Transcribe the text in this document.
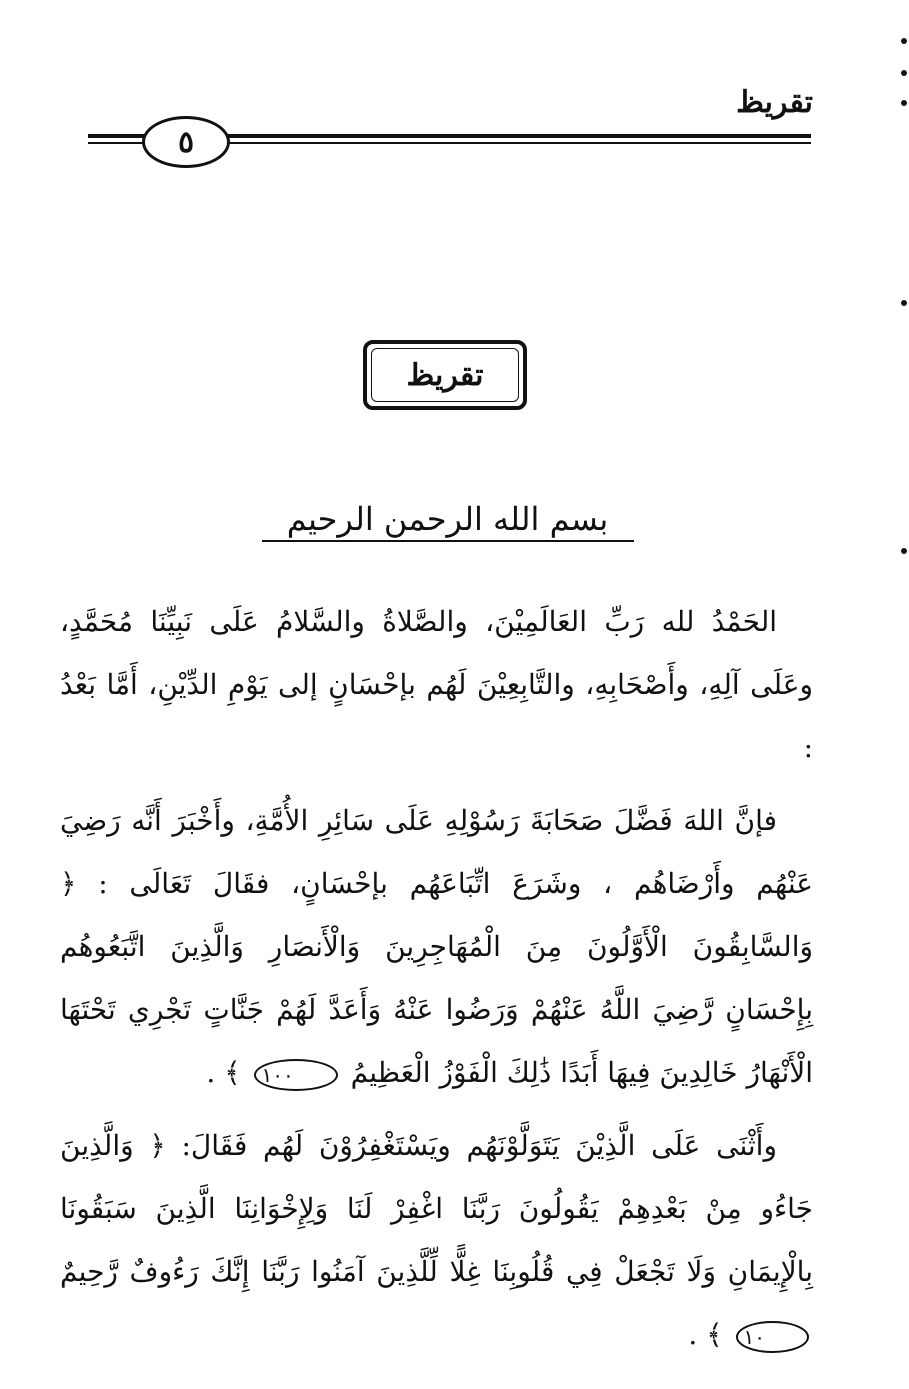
تقريظ
٥
تقريظ
بسم الله الرحمن الرحيم

الحَمْدُ لله رَبِّ العَالَمِيْنَ، والصَّلاةُ والسَّلامُ عَلَى نَبِيِّنَا مُحَمَّدٍ، وعَلَى آلِهِ، وأَصْحَابِهِ، والتَّابِعِيْنَ لَهُم بإحْسَانٍ إلى يَوْمِ الدِّيْنِ، أَمَّا بَعْدُ :

فإنَّ اللهَ فَضَّلَ صَحَابَةَ رَسُوْلِهِ عَلَى سَائِرِ الأُمَّةِ، وأَخْبَرَ أَنَّه رَضِيَ عَنْهُم وأَرْضَاهُم ، وشَرَعَ اتِّبَاعَهُم بإحْسَانٍ، فقَالَ تَعَالَى : ﴿ وَالسَّابِقُونَ الْأَوَّلُونَ مِنَ الْمُهَاجِرِينَ وَالْأَنصَارِ وَالَّذِينَ اتَّبَعُوهُم بِإِحْسَانٍ رَّضِيَ اللَّهُ عَنْهُمْ وَرَضُوا عَنْهُ وَأَعَدَّ لَهُمْ جَنَّاتٍ تَجْرِي تَحْتَهَا الْأَنْهَارُ خَالِدِينَ فِيهَا أَبَدًا ذَٰلِكَ الْفَوْزُ الْعَظِيمُ ١٠٠ ﴾ .

وأَثْنَى عَلَى الَّذِيْنَ يَتَوَلَّوْنَهُم ويَسْتَغْفِرُوْنَ لَهُم فَقَالَ: ﴿ وَالَّذِينَ جَاءُو مِنْ بَعْدِهِمْ يَقُولُونَ رَبَّنَا اغْفِرْ لَنَا وَلِإِخْوَانِنَا الَّذِينَ سَبَقُونَا بِالْإِيمَانِ وَلَا تَجْعَلْ فِي قُلُوبِنَا غِلًّا لِّلَّذِينَ آمَنُوا رَبَّنَا إِنَّكَ رَءُوفٌ رَّحِيمٌ ١٠ ﴾ .
